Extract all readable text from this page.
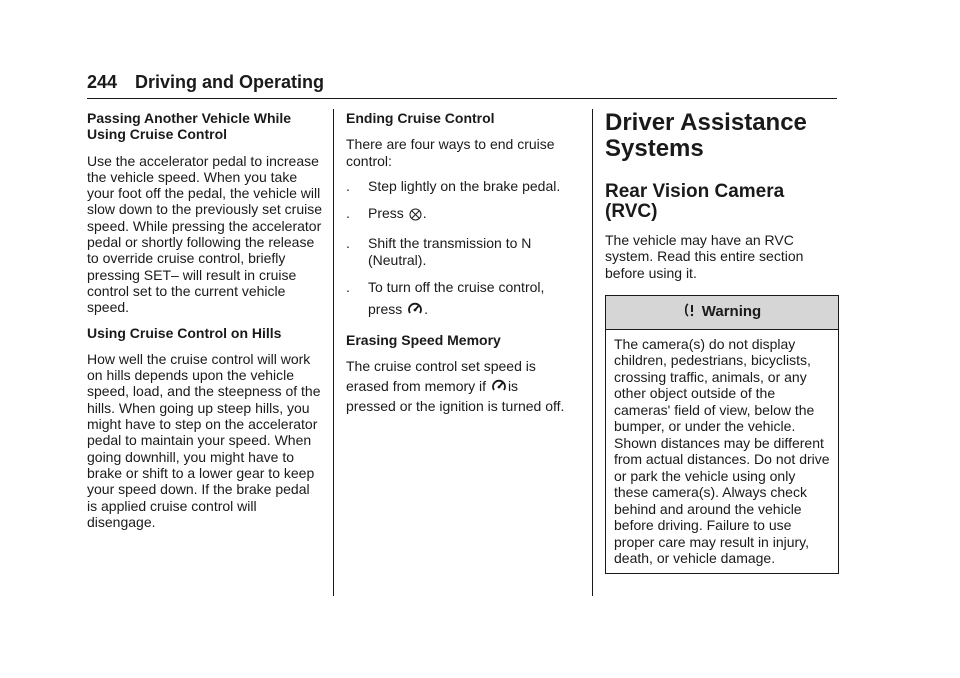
244 Driving and Operating
Passing Another Vehicle While Using Cruise Control

Use the accelerator pedal to increase the vehicle speed. When you take your foot off the pedal, the vehicle will slow down to the previously set cruise speed. While pressing the accelerator pedal or shortly following the release to override cruise control, briefly pressing SET– will result in cruise control set to the current vehicle speed.

Using Cruise Control on Hills

How well the cruise control will work on hills depends upon the vehicle speed, load, and the steepness of the hills. When going up steep hills, you might have to step on the accelerator pedal to maintain your speed. When going downhill, you might have to brake or shift to a lower gear to keep your speed down. If the brake pedal is applied cruise control will disengage.

Ending Cruise Control

There are four ways to end cruise control:

. Step lightly on the brake pedal.
. Press .
. Shift the transmission to N (Neutral).
. To turn off the cruise control,
press .
Erasing Speed Memory

The cruise control set speed is
erased from memory if is
pressed or the ignition is turned off.

Driver Assistance Systems
Rear Vision Camera (RVC)

The vehicle may have an RVC system. Read this entire section before using it.

Warning
The camera(s) do not display children, pedestrians, bicyclists, crossing traffic, animals, or any other object outside of the cameras' field of view, below the bumper, or under the vehicle. Shown distances may be different from actual distances. Do not drive or park the vehicle using only these camera(s). Always check behind and around the vehicle before driving. Failure to use proper care may result in injury, death, or vehicle damage.
